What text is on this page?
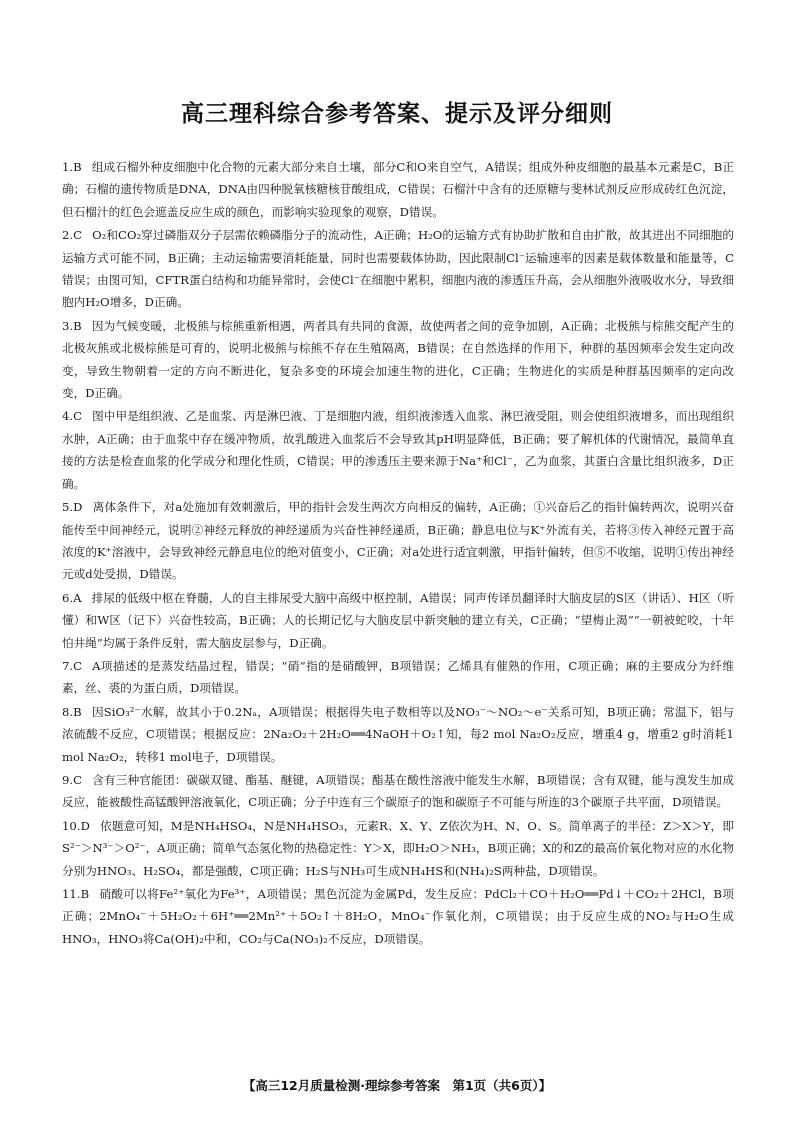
高三理科综合参考答案、提示及评分细则

1.B 组成石榴外种皮细胞中化合物的元素大部分来自土壤，部分C和O来自空气，A错误；组成外种皮细胞的最基本元素是C，B正确；石榴的遗传物质是DNA，DNA由四种脱氧核糖核苷酸组成，C错误；石榴汁中含有的还原糖与斐林试剂反应形成砖红色沉淀，但石榴汁的红色会遮盖反应生成的颜色，而影响实验现象的观察，D错误。

2.C O₂和CO₂穿过磷脂双分子层需依赖磷脂分子的流动性，A正确；H₂O的运输方式有协助扩散和自由扩散，故其进出不同细胞的运输方式可能不同，B正确；主动运输需要消耗能量，同时也需要载体协助，因此限制Cl⁻运输速率的因素是载体数量和能量等，C错误；由图可知，CFTR蛋白结构和功能异常时，会使Cl⁻在细胞中累积，细胞内液的渗透压升高，会从细胞外液吸收水分，导致细胞内H₂O增多，D正确。

3.B 因为气候变暖，北极熊与棕熊重新相遇，两者具有共同的食源，故使两者之间的竞争加剧，A正确；北极熊与棕熊交配产生的北极灰熊或北极棕熊是可育的，说明北极熊与棕熊不存在生殖隔离，B错误；在自然选择的作用下，种群的基因频率会发生定向改变，导致生物朝着一定的方向不断进化，复杂多变的环境会加速生物的进化，C正确；生物进化的实质是种群基因频率的定向改变，D正确。

4.C 图中甲是组织液、乙是血浆、丙是淋巴液、丁是细胞内液，组织液渗透入血浆、淋巴液受阻，则会使组织液增多，而出现组织水肿，A正确；由于血浆中存在缓冲物质，故乳酸进入血浆后不会导致其pH明显降低，B正确；要了解机体的代谢情况，最简单直接的方法是检查血浆的化学成分和理化性质，C错误；甲的渗透压主要来源于Na⁺和Cl⁻，乙为血浆，其蛋白含量比组织液多，D正确。

5.D 离体条件下，对a处施加有效刺激后，甲的指针会发生两次方向相反的偏转，A正确；①兴奋后乙的指针偏转两次，说明兴奋能传至中间神经元，说明②神经元释放的神经递质为兴奋性神经递质，B正确；静息电位与K⁺外流有关，若将③传入神经元置于高浓度的K⁺溶液中，会导致神经元静息电位的绝对值变小，C正确；对a处进行适宜刺激，甲指针偏转，但⑤不收缩，说明①传出神经元或d处受损，D错误。

6.A 排尿的低级中枢在脊髓，人的自主排尿受大脑中高级中枢控制，A错误；同声传译员翻译时大脑皮层的S区（讲话）、H区（听懂）和W区（记下）兴奋性较高，B正确；人的长期记忆与大脑皮层中新突触的建立有关，C正确；“望梅止渴”“一朝被蛇咬，十年怕井绳”均属于条件反射，需大脑皮层参与，D正确。

7.C A项描述的是蒸发结晶过程，错误；“硝”指的是硝酸钾，B项错误；乙烯具有催熟的作用，C项正确；麻的主要成分为纤维素，丝、裘的为蛋白质，D项错误。

8.B 因SiO₃²⁻水解，故其小于0.2Nₐ，A项错误；根据得失电子数相等以及NO₃⁻～NO₂～e⁻关系可知，B项正确；常温下，铝与浓硫酸不反应，C项错误；根据反应：2Na₂O₂＋2H₂O══4NaOH＋O₂↑知，每2 mol Na₂O₂反应，增重4 g，增重2 g时消耗1 mol Na₂O₂，转移1 mol电子，D项错误。

9.C 含有三种官能团：碳碳双键、酯基、醚键，A项错误；酯基在酸性溶液中能发生水解，B项错误；含有双键，能与溴发生加成反应，能被酸性高锰酸钾溶液氧化，C项正确；分子中连有三个碳原子的饱和碳原子不可能与所连的3个碳原子共平面，D项错误。

10.D 依题意可知，M是NH₄HSO₄，N是NH₄HSO₃，元素R、X、Y、Z依次为H、N、O、S。简单离子的半径：Z＞X＞Y，即S²⁻＞N³⁻＞O²⁻，A项正确；简单气态氢化物的热稳定性：Y＞X，即H₂O＞NH₃，B项正确；X的和Z的最高价氧化物对应的水化物分别为HNO₃、H₂SO₄，都是强酸，C项正确；H₂S与NH₃可生成NH₄HS和(NH₄)₂S两种盐，D项错误。

11.B 硝酸可以将Fe²⁺氧化为Fe³⁺，A项错误；黑色沉淀为金属Pd，发生反应：PdCl₂＋CO＋H₂O══Pd↓＋CO₂＋2HCl，B项正确；2MnO₄⁻＋5H₂O₂＋6H⁺══2Mn²⁺＋5O₂↑＋8H₂O，MnO₄⁻作氧化剂，C项错误；由于反应生成的NO₂与H₂O生成HNO₃，HNO₃将Ca(OH)₂中和，CO₂与Ca(NO₃)₂不反应，D项错误。

【高三12月质量检测·理综参考答案　第1页（共6页）】
